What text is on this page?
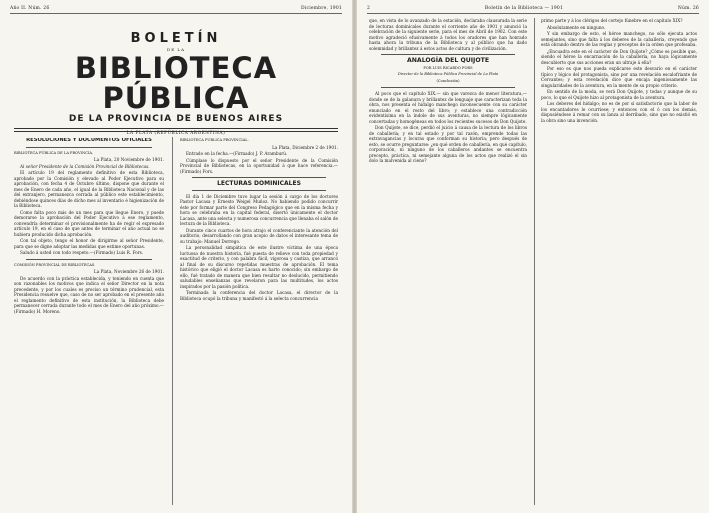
Año II. Núm. 26	Diciembre, 1901
BOLETÍN
DE LA
BIBLIOTECA PÚBLICA
DE LA PROVINCIA DE BUENOS AIRES
LA PLATA (REPÚBLICA ARGENTINA)

RESOLUCIONES Y DOCUMENTOS OFICIALES

BIBLIOTECA PÚBLICA DE LA PROVINCIA.

La Plata, 20 Noviembre de 1901.

Al señor Presidente de la Comisión Provincial de Bibliotecas.

El artículo 19 del reglamento definitivo de esta Biblioteca, aprobado por la Comisión y elevado al Poder Ejecutivo para su aprobación, con fecha 4 de Octubre último, dispone que durante el mes de Enero de cada año, el igual de la Biblioteca Nacional y de las del extranjero, permanezca cerrada al público este establecimiento, debiéndose quinces días de dicho mes al inventario é higienización de la Biblioteca.

Como falta poco más de un mes para que llegue Enero, y puede demorarse la aprobación del Poder Ejecutivo á ese reglamento, convendría determinar el provisionalmente ha de regir el expresado artículo 19, en el caso de que antes de terminar el año actual no se hubiera producido dicha aprobación.

Con tal objeto, tengo el honor de dirigirme al señor Presidente, para que se digne adoptar las medidas que estime oportunas.

Saludo á usted con todo respeto.—(Firmado) Luis R. Fors.

COMISIÓN PROVINCIAL DE BIBLIOTECAS.

La Plata, Noviembre 26 de 1901.

De acuerdo con la práctica establecida, y teniendo en cuenta que son razonables los motivos que indica el señor Director en la nota precedente, y por los cuales es preciso un término prudencial, esta Presidencia resuelve que, caso de no ser aprobado en el presente año el reglamento definitivo de esta institución, la Biblioteca debe permanecer cerrada durante todo el mes de Enero del año próximo.—(Firmado) H. Moreno.

BIBLIOTECA PÚBLICA PROVINCIAL.

La Plata, Diciembre 2 de 1901.

Entrado en la fecha.—(Firmado) J. P. Aramburú.

Cúmplase lo dispuesto por el señor Presidente de la Comisión Provincial de Bibliotecas, en la oportunidad á que hace referencia.—(Firmado) Fors.

LECTURAS DOMINICALES

El día 1 de Diciembre tuvo lugar la sesión á cargo de los doctores Pastor Lacasa y Ernesto Weigel Muñoz. No habiendo podido concurrir éste por formar parte del Congreso Pedagógico que en la misma fecha y hora se celebraba en la capital federal, disertó únicamente el doctor Lacasa, ante una selecta y numerosa concurrencia que llenaba el salón de lectura de la Biblioteca.

Durante cinco cuartos de hora atrajo el conferenciante la atención del auditorio, desarrollando con gran acopio de datos el interesante tema de su trabajo: Manuel Dorrego.

La personalidad simpática de este ilustre víctima de una época luctuosa de nuestra historia, fué puesta de relieve con toda propiedad y exactitud de criterio, y con palabra fácil, vigorosa y castiza, que arrancó al final de su discurso repetidas muestras de aprobación. El tema histórico que eligió el doctor Lacasa es harto conocido; sin embargo de ello, fué tratado de manera que bien resultar no deslucido, permitiendo saludables enseñanzas que revelaron para las multitudes, los actos inspirados por la pasión política.

Terminada la conferencia del doctor Lacasa, el director de la Biblioteca ocupó la tribuna y manifestó á la selecta concurrencia

2	Boletín de la Biblioteca — 1901	Núm. 26

que, en vista de lo avanzado de la estación, declaraba clausurada la serie de lecturas dominicales durante el corriente año de 1901 y anunció la celebración de la siguiente serie, para el mes de Abril de 1902. Con este motivo agradeció efusivamente á todos los oradores que han honrado hasta ahora la tribuna de la Biblioteca y al público que ha dado solemnidad y brillantez á estos actos de cultura y de civilización.

ANALOGÍA DEL QUIJOTE

POR LUIS RICARDO FORS

Director de la Biblioteca Pública Provincial de La Plata

(Conclusión)

Al poco que el capítulo XIX.— sin que varezca de menor literatura,— donde se de la galanura y brillantez de lenguaje que caracterizan toda la obra, nos presenta el hidalgo manchego inconsecuente con su carácter enunciado en el resto del libro; y establece una contradicción evidentísima en la índole de sus aventuras, no siempre lógicamente concertadas y homogéneas en todos los recientes sucesos de Don Quijote.

Don Quijote, se dice, perdió el juicio á causa de la lectura de los libros de caballería; y en tal estado y por tal razón, emprende todas las extravagancias y locuras que conforman su historia; pero después de esto, se ocurre preguntarse: ¿en qué orden de caballería, en qué capítulo, corporación, ni ninguno de los caballeros andantes se encuentra precepto, práctica, ni semejante alguna de los actos que realizó el sin dolo la malvenida al cieno?

primo parte y á los clérigos del cortejo fúnebre en el capítulo XIX?

Absolutamente en ninguno.

Y sin embargo de esto, el héroe manchego, no sólo ejecuta actos semejantes, sino que falta á los deberes de la caballería, creyendo que está obrando dentro de las reglas y preceptos de la orden que profesaba.

¿Encuadra este en el carácter de Don Quijote? ¿Cómo es posible que, siendo el héroe la encarnación de la caballería, no haya lógicamente descubierto que sus acciones eran un ultraje á ella?

Por eso es que nos pueda explicarse este desvarío en el carácter típico y lógico del protagonista, sino por una revelación escalofriante de Cervantes; y esta revelación dice que encaja ingeniosamente las singularidades de la aventura, en la mente de su propio criterio.

En sentido de la moda, se verá Don Quijote, y todas y aunque de su poco, lo que el Quijote hizo al protagonista de la aventura.

Los deberes del hidalgo; no es de por sí satisfactorio que la labor de los encantadores le ocurriese; y entonces con el ó con los demás, dispusiéndose á remar con su lanza al derribado, sino que no existió en la obra sino una invención.
